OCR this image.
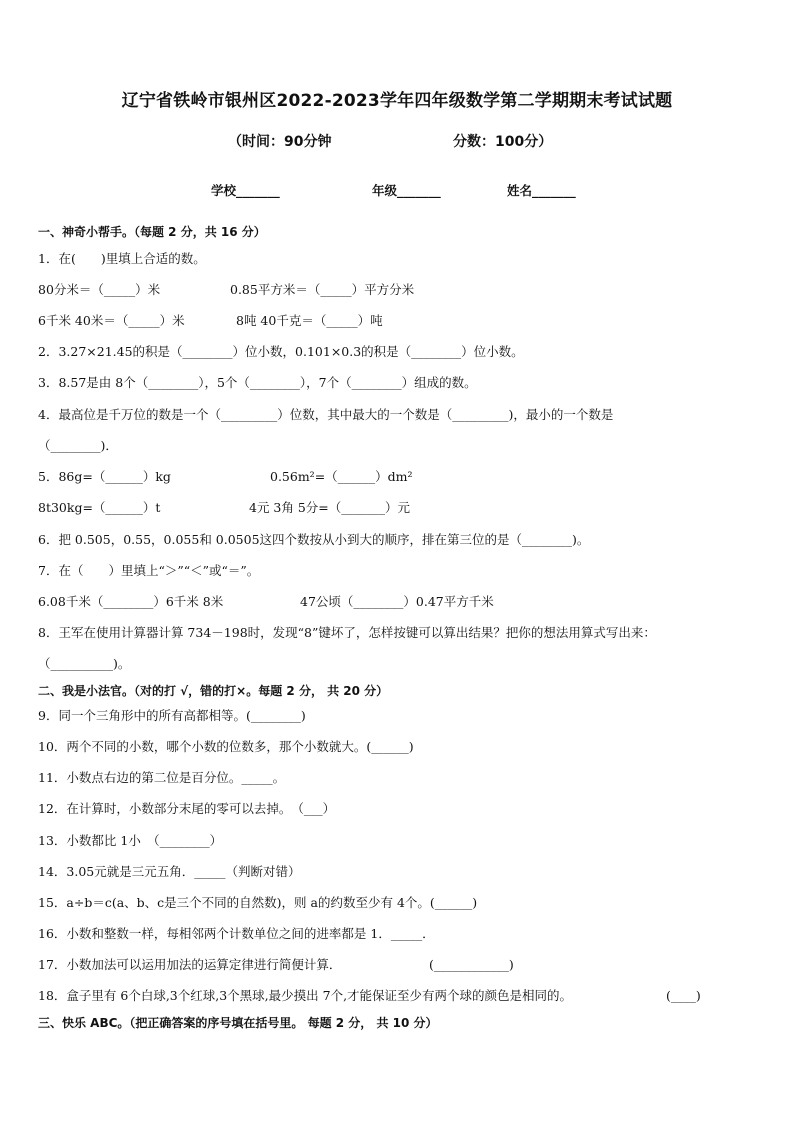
辽宁省铁岭市银州区2022-2023学年四年级数学第二学期期末考试试题
（时间：90分钟	分数：100分）
学校_______	年级_______	姓名_______
一、神奇小帮手。（每题 2 分，共 16 分）
1．在(　　)里填上合适的数。
80分米＝（_____）米	0.85平方米＝（_____）平方分米
6千米 40米＝（_____）米	8吨 40千克＝（_____）吨
2．3.27×21.45的积是（________）位小数，0.101×0.3的积是（________）位小数。
3．8.57是由 8个（________），5个（________），7个（________）组成的数。
4．最高位是千万位的数是一个（_________）位数，其中最大的一个数是（_________)，最小的一个数是
（________)．
5．86g=（______）kg	0.56m²=（______）dm²
8t30kg=（______）t	4元 3角 5分=（_______）元
6．把 0.505，0.55，0.055和 0.0505这四个数按从小到大的顺序，排在第三位的是（________)。
7．在（　　）里填上“＞”“＜”或“＝”。
6.08千米（________）6千米 8米	47公顷（________）0.47平方千米
8．王军在使用计算器计算 734－198时，发现“8”键坏了，怎样按键可以算出结果？把你的想法用算式写出来：
（__________)。
二、我是小法官。（对的打 √，错的打×。每题 2 分， 共 20 分）
9．同一个三角形中的所有高都相等。(________)
10．两个不同的小数，哪个小数的位数多，那个小数就大。(______)
11．小数点右边的第二位是百分位。_____。
12．在计算时，小数部分末尾的零可以去掉。　（___）
13．小数都比 1小　（________）
14．3.05元就是三元五角．_____（判断对错）
15．a÷b＝c(a、b、c是三个不同的自然数)，则 a的约数至少有 4个。(______)
16．小数和整数一样，每相邻两个计数单位之间的进率都是 1．_____．
17．小数加法可以运用加法的运算定律进行简便计算．	(____________)
18．盒子里有 6个白球,3个红球,3个黑球,最少摸出 7个,才能保证至少有两个球的颜色是相同的。	(____)
三、快乐 ABC。（把正确答案的序号填在括号里。 每题 2 分， 共 10 分）
